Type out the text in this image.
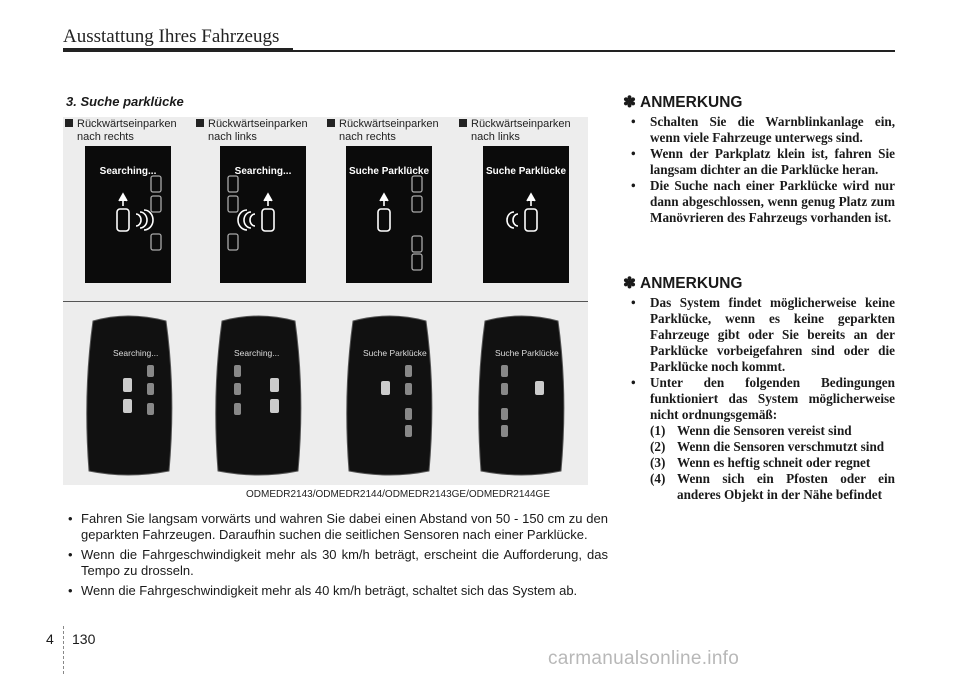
Ausstattung Ihres Fahrzeugs
3. Suche parklücke
Rückwärtseinparken
nach rechts
Searching...
Rückwärtseinparken
nach links
Searching...
Rückwärtseinparken
nach rechts
Suche Parklücke
Rückwärtseinparken
nach links
Suche Parklücke
Searching...	Searching...	Suche Parklücke	Suche Parklücke
ODMEDR2143/ODMEDR2144/ODMEDR2143GE/ODMEDR2144GE
• Fahren Sie langsam vorwärts und wahren Sie dabei einen Abstand von 50 - 150 cm zu den geparkten Fahrzeugen. Daraufhin suchen die seitlichen Sensoren nach einer Parklücke.
• Wenn die Fahrgeschwindigkeit mehr als 30 km/h beträgt, erscheint die Aufforderung, das Tempo zu drosseln.
• Wenn die Fahrgeschwindigkeit mehr als 40 km/h beträgt, schaltet sich das System ab.
✽ ANMERKUNG
• Schalten Sie die Warnblinkanlage ein, wenn viele Fahrzeuge unterwegs sind.
• Wenn der Parkplatz klein ist, fahren Sie langsam dichter an die Parklücke heran.
• Die Suche nach einer Parklücke wird nur dann abgeschlossen, wenn genug Platz zum Manövrieren des Fahrzeugs vorhanden ist.
✽ ANMERKUNG
• Das System findet möglicherweise keine Parklücke, wenn es keine geparkten Fahrzeuge gibt oder Sie bereits an der Parklücke vorbeigefahren sind oder die Parklücke noch kommt.
• Unter den folgenden Bedingungen funktioniert das System möglicherweise nicht ordnungsgemäß:
(1) Wenn die Sensoren vereist sind
(2) Wenn die Sensoren verschmutzt sind
(3) Wenn es heftig schneit oder regnet
(4) Wenn sich ein Pfosten oder ein anderes Objekt in der Nähe befindet
4 130
carmanualsonline.info
